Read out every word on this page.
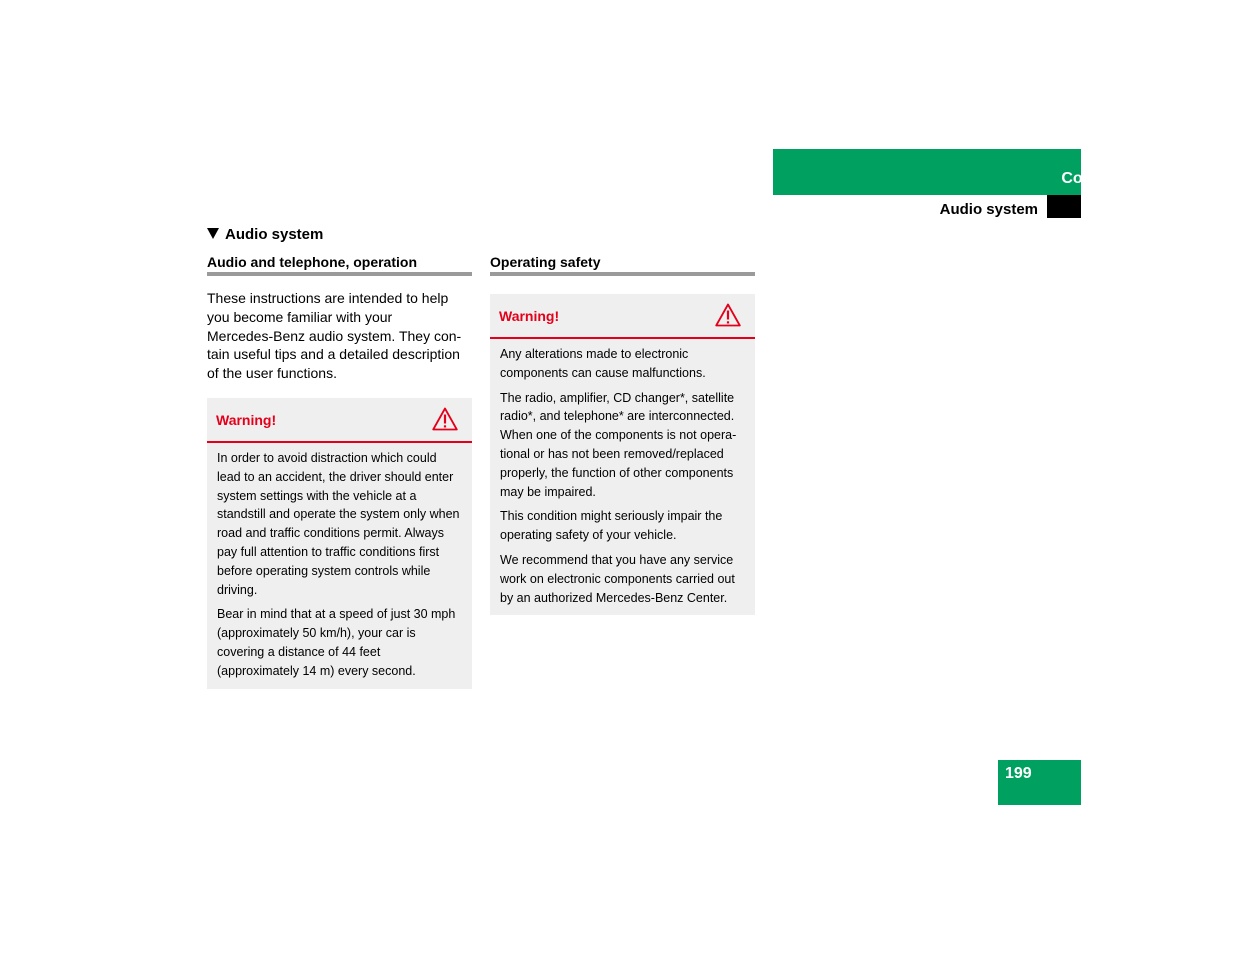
Controls in detail
Audio system
Audio system
Audio and telephone, operation
These instructions are intended to help
you become familiar with your
Mercedes-Benz audio system. They con-
tain useful tips and a detailed description
of the user functions.
Warning!

In order to avoid distraction which could
lead to an accident, the driver should enter
system settings with the vehicle at a
standstill and operate the system only when
road and traffic conditions permit. Always
pay full attention to traffic conditions first
before operating system controls while
driving.

Bear in mind that at a speed of just 30 mph
(approximately 50 km/h), your car is
covering a distance of 44 feet
(approximately 14 m) every second.

Operating safety
Warning!

Any alterations made to electronic
components can cause malfunctions.

The radio, amplifier, CD changer*, satellite
radio*, and telephone* are interconnected.
When one of the components is not opera-
tional or has not been removed/replaced
properly, the function of other components
may be impaired.

This condition might seriously impair the
operating safety of your vehicle.

We recommend that you have any service
work on electronic components carried out
by an authorized Mercedes-Benz Center.

199
